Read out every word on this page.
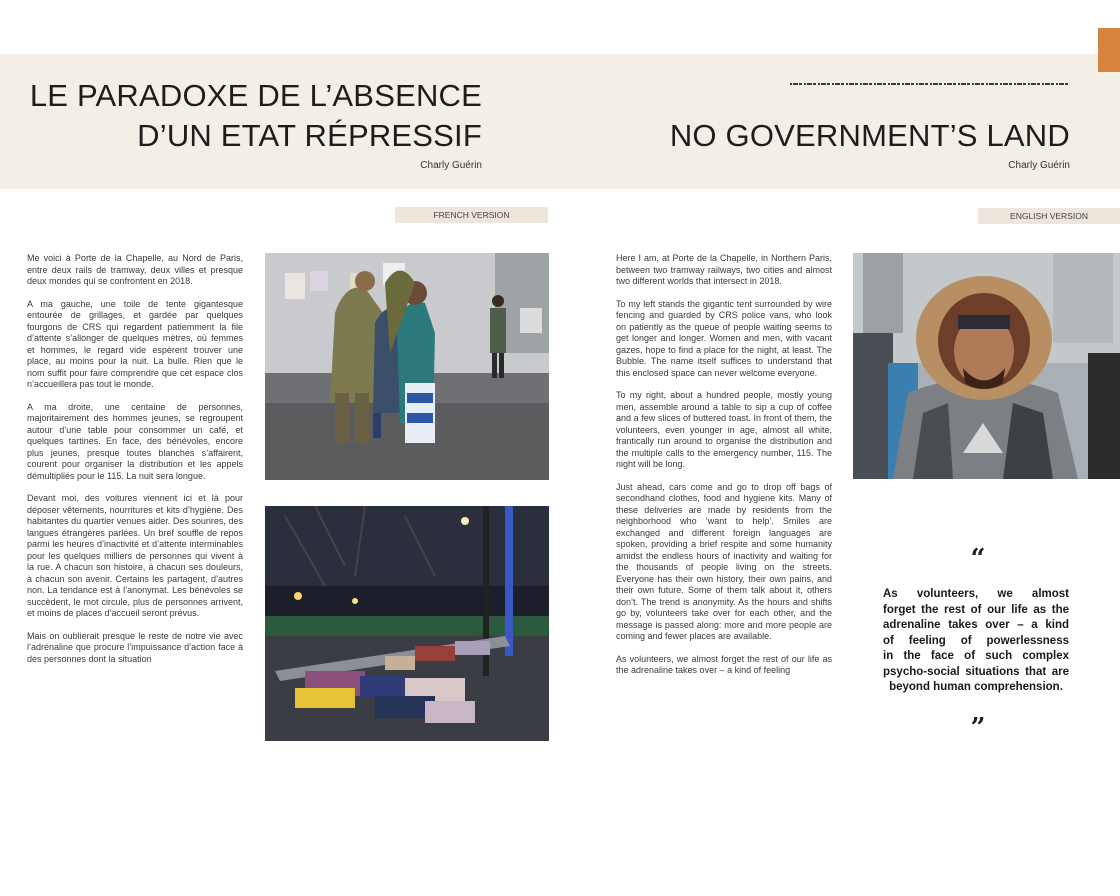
LE PARADOXE DE L’ABSENCE
D’UN ETAT RÉPRESSIF
Charly Guérin
NO GOVERNMENT’S LAND
Charly Guérin
FRENCH VERSION	ENGLISH VERSION

Me voici à Porte de la Chapelle, au Nord de Paris, entre deux rails de tramway, deux villes et presque deux mondes qui se confrontent en 2018.

A ma gauche, une toile de tente gigantesque entourée de grillages, et gardée par quelques fourgons de CRS qui regardent patiemment la file d’attente s’allonger de quelques mètres, où femmes et hommes, le regard vide espèrent trouver une place, au moins pour la nuit. La bulle. Rien que le nom suffit pour faire comprendre que cet espace clos n’accueillera pas tout le monde.

A ma droite, une centaine de personnes, majoritairement des hommes jeunes, se regroupent autour d’une table pour consommer un café, et quelques tartines. En face, des bénévoles, encore plus jeunes, presque toutes blanches s’affairent, courent pour organiser la distribution et les appels démultipliés pour le 115. La nuit sera longue.

Devant moi, des voitures viennent ici et là pour déposer vêtements, nourritures et kits d’hygiène. Des habitantes du quartier venues aider. Des sourires, des langues étrangères parlées. Un bref souffle de repos parmi les heures d’inactivité et d’attente interminables pour les quelques milliers de personnes qui vivent à la rue. A chacun son histoire, à chacun ses douleurs, à chacun son avenir. Certains les partagent, d’autres non. La tendance est à l’anonymat. Les bénévoles se succèdent, le mot circule, plus de personnes arrivent, et moins de places d’accueil seront prévus.

Mais on oublierait presque le reste de notre vie avec l’adrénaline que procure l’impuissance d’action face à des personnes dont la situation

Here I am, at Porte de la Chapelle, in Northern Paris, between two tramway railways, two cities and almost two different worlds that intersect in 2018.

To my left stands the gigantic tent surrounded by wire fencing and guarded by CRS police vans, who look on patiently as the queue of people waiting seems to get longer and longer. Women and men, with vacant gazes, hope to find a place for the night, at least. The Bubble. The name itself suffices to understand that this enclosed space can never welcome everyone.

To my right, about a hundred people, mostly young men, assemble around a table to sip a cup of coffee and a few slices of buttered toast. In front of them, the volunteers, even younger in age, almost all white, frantically run around to organise the distribution and the multiple calls to the emergency number, 115. The night will be long.

Just ahead, cars come and go to drop off bags of secondhand clothes, food and hygiene kits. Many of these deliveries are made by residents from the neighborhood who ‘want to help’. Smiles are exchanged and different foreign languages are spoken, providing a brief respite and some humanity amidst the endless hours of inactivity and waiting for the thousands of people living on the streets. Everyone has their own history, their own pains, and their own future. Some of them talk about it, others don’t. The trend is anonymity. As the hours and shifts go by, volunteers take over for each other, and the message is passed along: more and more people are coming and fewer places are available.

As volunteers, we almost forget the rest of our life as the adrenaline takes over – a kind of feeling

“
As volunteers, we almost
forget the rest of our life as the
adrenaline takes over – a kind
of feeling of powerlessness
in the face of such complex
psycho-social situations that are
beyond human comprehension.
”
